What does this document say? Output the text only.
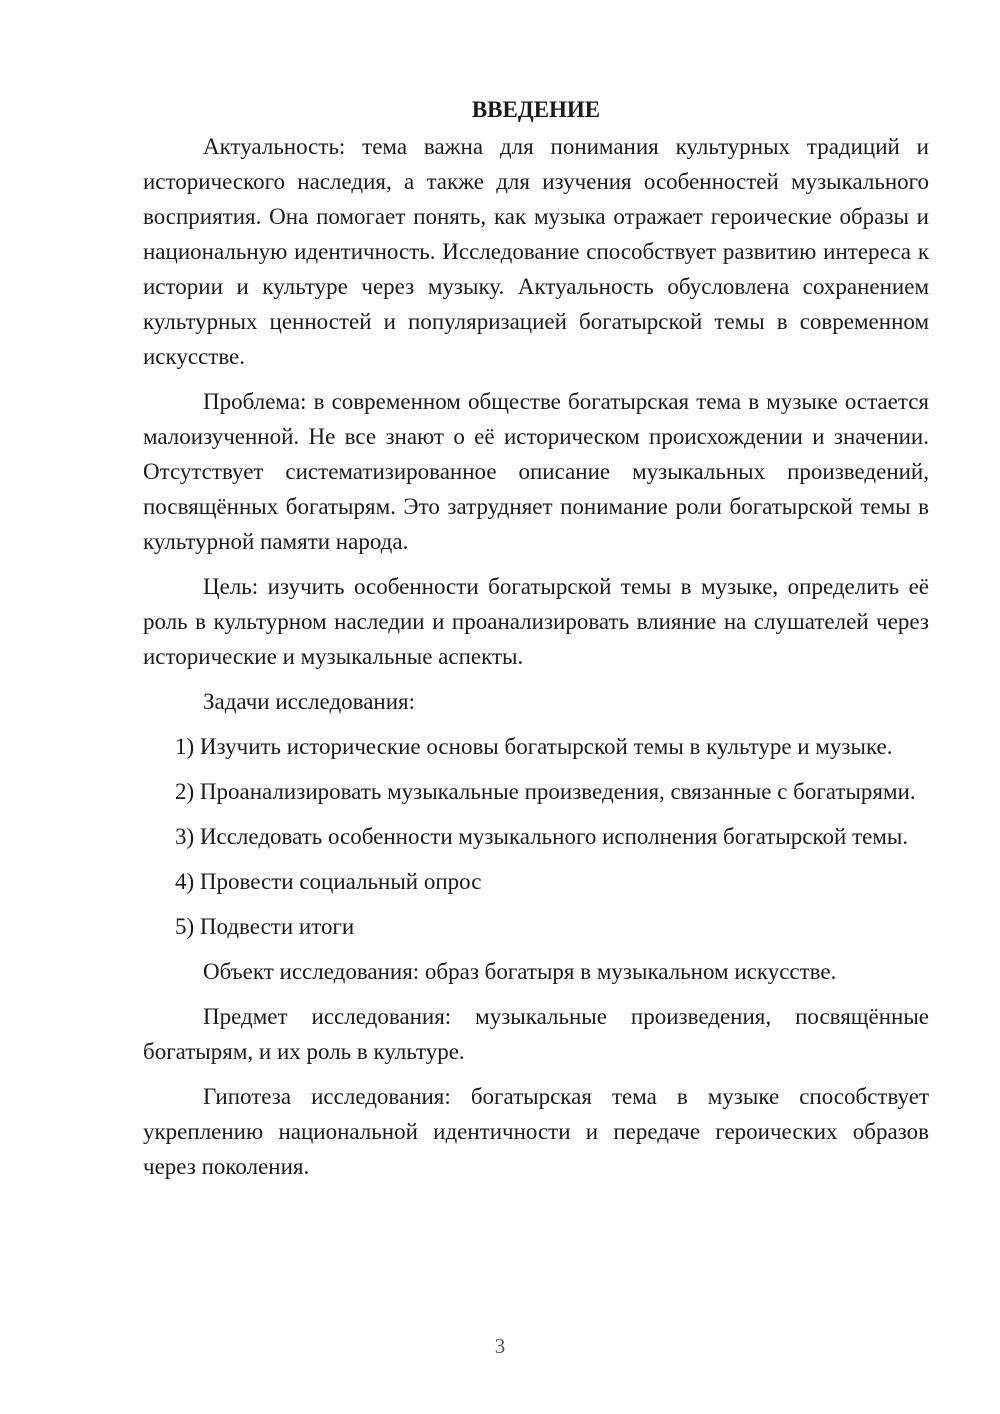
ВВЕДЕНИЕ

Актуальность: тема важна для понимания культурных традиций и исторического наследия, а также для изучения особенностей музыкального восприятия. Она помогает понять, как музыка отражает героические образы и национальную идентичность. Исследование способствует развитию интереса к истории и культуре через музыку. Актуальность обусловлена сохранением культурных ценностей и популяризацией богатырской темы в современном искусстве.

Проблема: в современном обществе богатырская тема в музыке остается малоизученной. Не все знают о её историческом происхождении и значении. Отсутствует систематизированное описание музыкальных произведений, посвящённых богатырям. Это затрудняет понимание роли богатырской темы в культурной памяти народа.

Цель: изучить особенности богатырской темы в музыке, определить её роль в культурном наследии и проанализировать влияние на слушателей через исторические и музыкальные аспекты.

Задачи исследования:

1) Изучить исторические основы богатырской темы в культуре и музыке.

2) Проанализировать музыкальные произведения, связанные с богатырями.

3) Исследовать особенности музыкального исполнения богатырской темы.

4) Провести социальный опрос

5) Подвести итоги

Объект исследования: образ богатыря в музыкальном искусстве.

Предмет исследования: музыкальные произведения, посвящённые богатырям, и их роль в культуре.

Гипотеза исследования: богатырская тема в музыке способствует укреплению национальной идентичности и передаче героических образов через поколения.

3
